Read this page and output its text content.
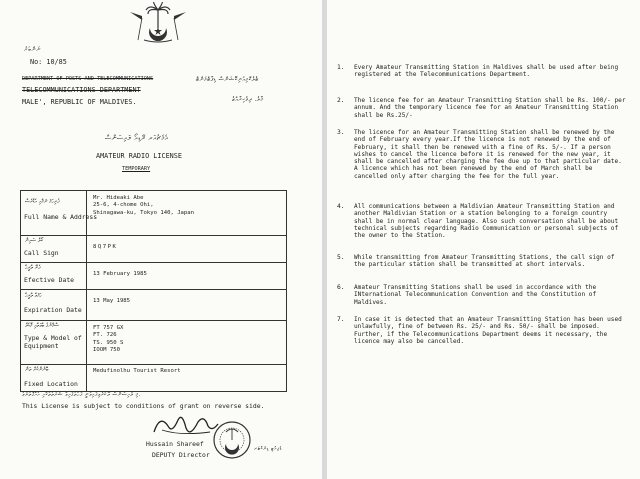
ނަންބަރު
No: 10/85
DEPARTMENT OF POSTS AND TELECOMMUNICATIONS
TELECOMMUNICATIONS DEPARTMENT
MALE', REPUBLIC OF MALDIVES.
ޓެލެކޮމިއުނިކޭޝަންސް ޑިޕާޓްމަންޓް
މާލެ، ދިވެހިރާއްޖެ
އެމެޗުއަރ ރޭޑިއޯ ލައިސަންސް
AMATEUR RADIO LICENSE
TEMPORARY
ފުރިހަމަ ނަމާއި އެޑްރެސް
Full Name & Address
Mr. Hideaki Abe
25-6, 4-chome Ohi,
Shinagawa-ku, Tokyo 140, Japan
ކޯލް ސައިން
Call Sign
8Q7PK
ފެށޭ ތާރީޚް
Efective Date
13 February 1985
ހަމަވާ ތާރީޚް
Expiration Date
13 May 1985
ސާމާނުގެ ބާވަތާއި މޮޑެލް
Type & Model of Equipment
FT 757 GX
FT. 726
TS. 950 S
IOOM 750
ބޭނުންކުރާ ތަން
Fixed Location
Medufinolhu Tourist Resort
މި ލައިސަންސް ދޫކުރެވިފައިވަނީ ފަހަތުގައިވާ ޝަރުތުތަކާއި އެއްގޮތަށެވެ.
This License is subject to conditions of grant on reverse side.
Hussain Shareef
DEPUTY Director
ޑެޕިއުޓީ ޑިރެކްޓަރ
1. Every Amateur Transmitting Station in Maldives shall be used after being registered at the Telecommunications Department.
2. The licence fee for an Amateur Transmitting Station shall be Rs. 100/- per annum. And the temporary licence fee for an Amateur Transmitting Station shall be Rs.25/-
3. The licence for an Amateur Transmitting Station shall be renewed by the end of February every year.If the licence is not renewed by the end of February, it shall then be renewed with a fine of Rs. 5/-. If a person wishes to cancel the licence before it is renewed for the new year, it shall be cancelled after charging the fee due up to that particular date. A licence which has not been renewed by the end of March shall be cancelled only after charging the fee for the full year.
4. All communications between a Maldivian Amateur Transmitting Station and another Maldivian Station or a station belonging to a foreign country shall be in normal clear language. Also such conversation shall be about technical subjects regarding Radio Communication or personal subjects of the owner to the Station.
5. While transmitting from Amateur Transmitting Stations, the call sign of the particular station shall be transmitted at short intervals.
6. Amateur Transmitting Stations shall be used in accordance with the INternational Telecommunication Convention and the Constitution of Maldives.
7. In case it is detected that an Amateur Transmitting Station has been used unlawfully, fine of between Rs. 25/- and Rs. 50/- shall be imposed. Further, if the Telecommunications Department deems it necessary, the licence may also be cancelled.
